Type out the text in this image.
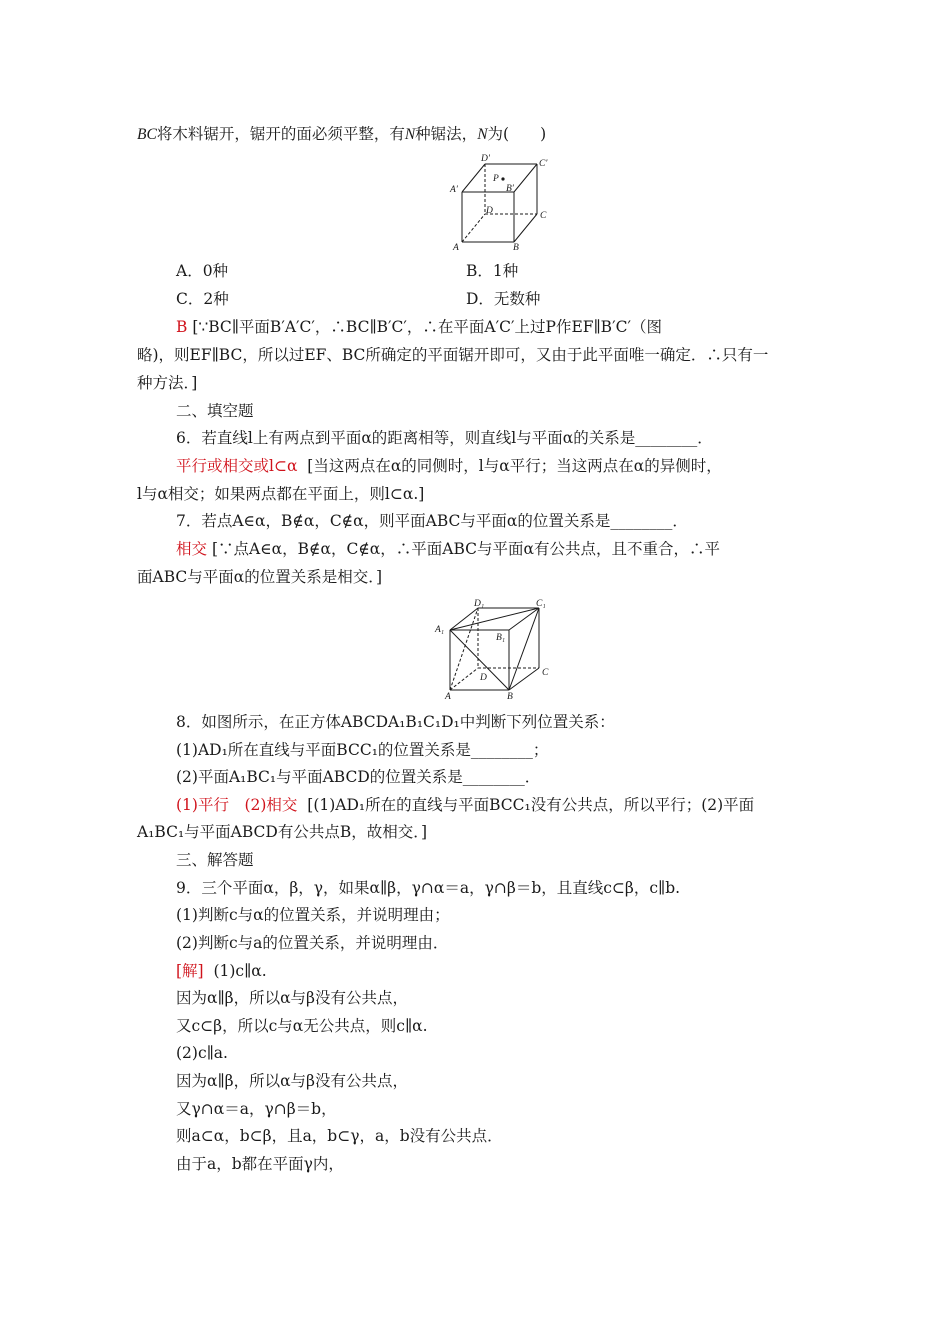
BC将木料锯开，锯开的面必须平整，有N种锯法，N为(　　)
D′	C′
A′
P
B′
D	C
A	B
A．0种	B．1种
C．2种	D．无数种
B [∵BC∥平面B′A′C′，∴BC∥B′C′，∴在平面A′C′上过P作EF∥B′C′（图
略)，则EF∥BC，所以过EF、BC所确定的平面锯开即可，又由于此平面唯一确定．∴只有一
种方法．]
二、填空题
6．若直线l上有两点到平面α的距离相等，则直线l与平面α的关系是________．
平行或相交或l⊂α [当这两点在α的同侧时，l与α平行；当这两点在α的异侧时，
l与α相交；如果两点都在平面上，则l⊂α.]
7．若点A∈α，B∉α，C∉α，则平面ABC与平面α的位置关系是________．
相交 [∵点A∈α，B∉α，C∉α，∴平面ABC与平面α有公共点，且不重合，∴平
面ABC与平面α的位置关系是相交．]
D₁	C₁
A₁
B₁
D	C
A	B
8．如图所示，在正方体ABCDA₁B₁C₁D₁中判断下列位置关系：
(1)AD₁所在直线与平面BCC₁的位置关系是________；
(2)平面A₁BC₁与平面ABCD的位置关系是________．
(1)平行　(2)相交 [(1)AD₁所在的直线与平面BCC₁没有公共点，所以平行；(2)平面
A₁BC₁与平面ABCD有公共点B，故相交．]
三、解答题
9．三个平面α，β，γ，如果α∥β，γ∩α＝a，γ∩β＝b，且直线c⊂β，c∥b.
(1)判断c与α的位置关系，并说明理由；
(2)判断c与a的位置关系，并说明理由．
[解] (1)c∥α.
因为α∥β，所以α与β没有公共点，
又c⊂β，所以c与α无公共点，则c∥α.
(2)c∥a.
因为α∥β，所以α与β没有公共点，
又γ∩α＝a，γ∩β＝b，
则a⊂α，b⊂β，且a，b⊂γ，a，b没有公共点．
由于a，b都在平面γ内，
